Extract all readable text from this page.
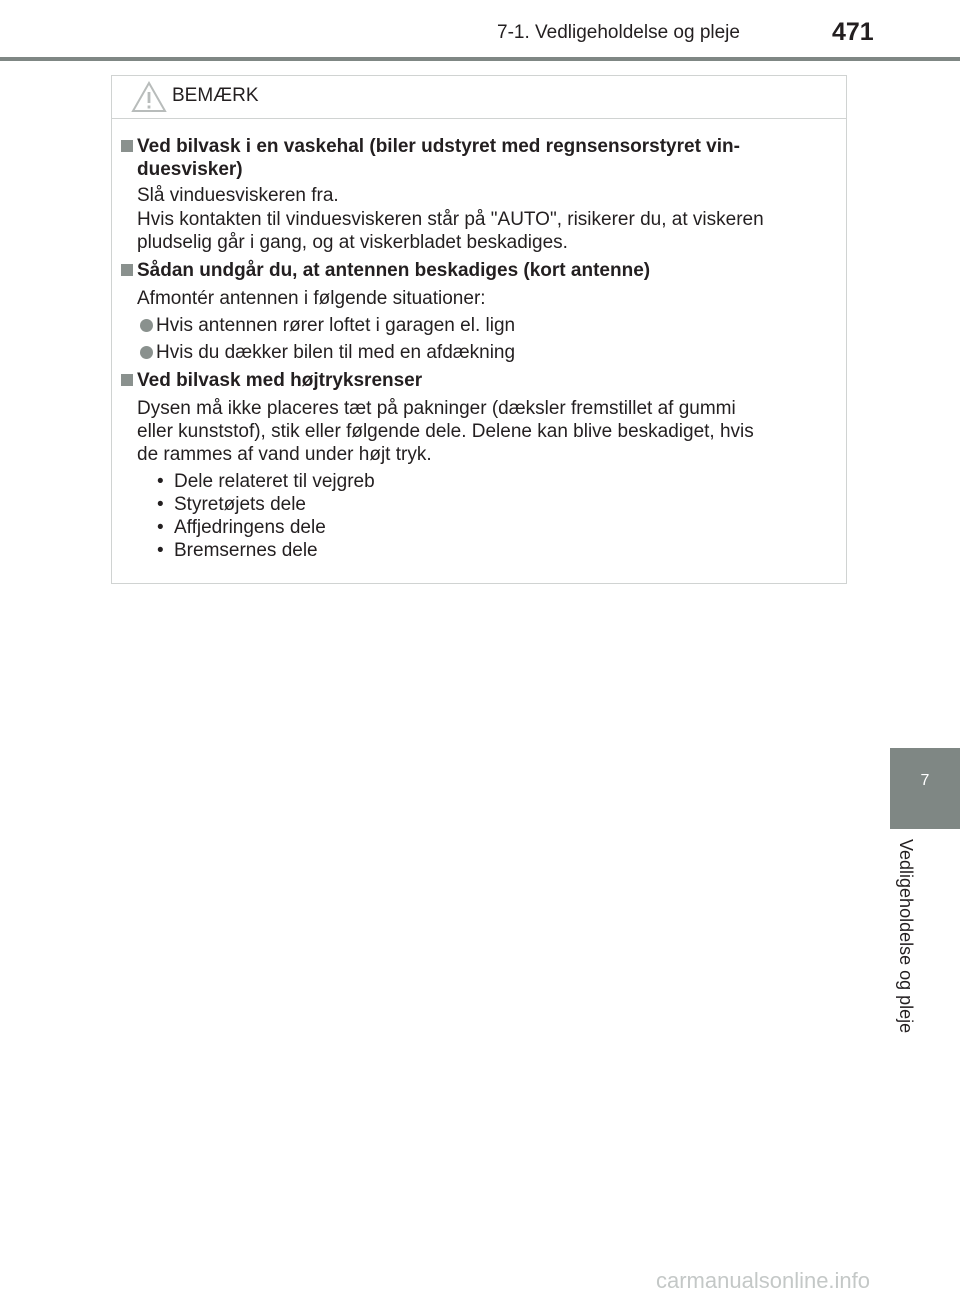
7-1. Vedligeholdelse og pleje	471
BEMÆRK
Ved bilvask i en vaskehal (biler udstyret med regnsensorstyret vin-
duesvisker)
Slå vinduesviskeren fra.
Hvis kontakten til vinduesviskeren står på "AUTO", risikerer du, at viskeren
pludselig går i gang, og at viskerbladet beskadiges.
Sådan undgår du, at antennen beskadiges (kort antenne)
Afmontér antennen i følgende situationer:
Hvis antennen rører loftet i garagen el. lign
Hvis du dækker bilen til med en afdækning
Ved bilvask med højtryksrenser
Dysen må ikke placeres tæt på pakninger (dæksler fremstillet af gummi
eller kunststof), stik eller følgende dele. Delene kan blive beskadiget, hvis
de rammes af vand under højt tryk.
• Dele relateret til vejgreb
• Styretøjets dele
• Affjedringens dele
• Bremsernes dele
7
Vedligeholdelse og pleje
carmanualsonline.info
